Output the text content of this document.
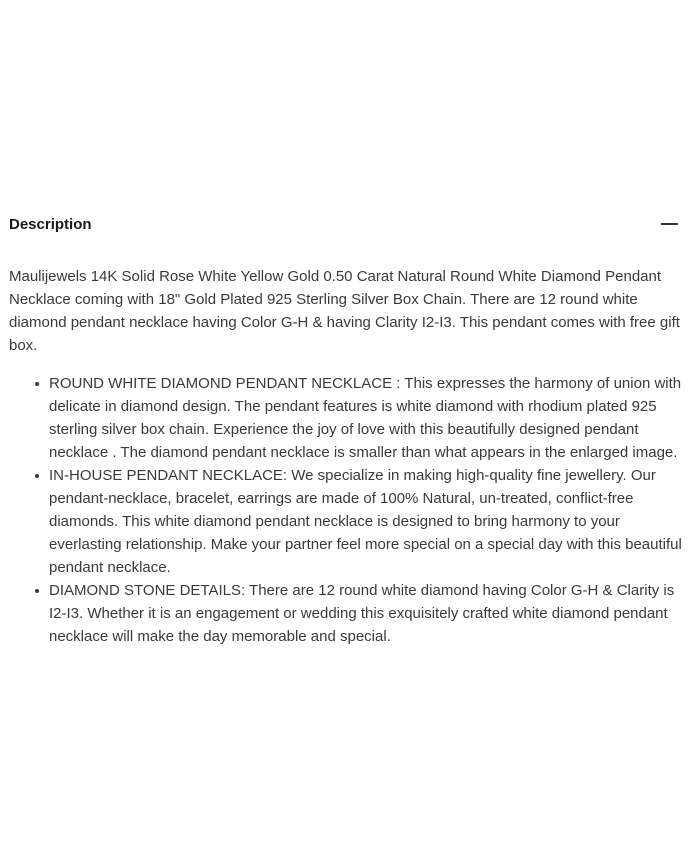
Description

Maulijewels 14K Solid Rose White Yellow Gold 0.50 Carat Natural Round White Diamond Pendant Necklace coming with 18" Gold Plated 925 Sterling Silver Box Chain. There are 12 round white diamond pendant necklace having Color G-H & having Clarity I2-I3. This pendant comes with free gift box.

ROUND WHITE DIAMOND PENDANT NECKLACE : This expresses the harmony of union with delicate in diamond design. The pendant features is white diamond with rhodium plated 925 sterling silver box chain. Experience the joy of love with this beautifully designed pendant necklace . The diamond pendant necklace is smaller than what appears in the enlarged image.
IN-HOUSE PENDANT NECKLACE: We specialize in making high-quality fine jewellery. Our pendant-necklace, bracelet, earrings are made of 100% Natural, un-treated, conflict-free diamonds. This white diamond pendant necklace is designed to bring harmony to your everlasting relationship. Make your partner feel more special on a special day with this beautiful pendant necklace.
DIAMOND STONE DETAILS: There are 12 round white diamond having Color G-H & Clarity is I2-I3. Whether it is an engagement or wedding this exquisitely crafted white diamond pendant necklace will make the day memorable and special.
